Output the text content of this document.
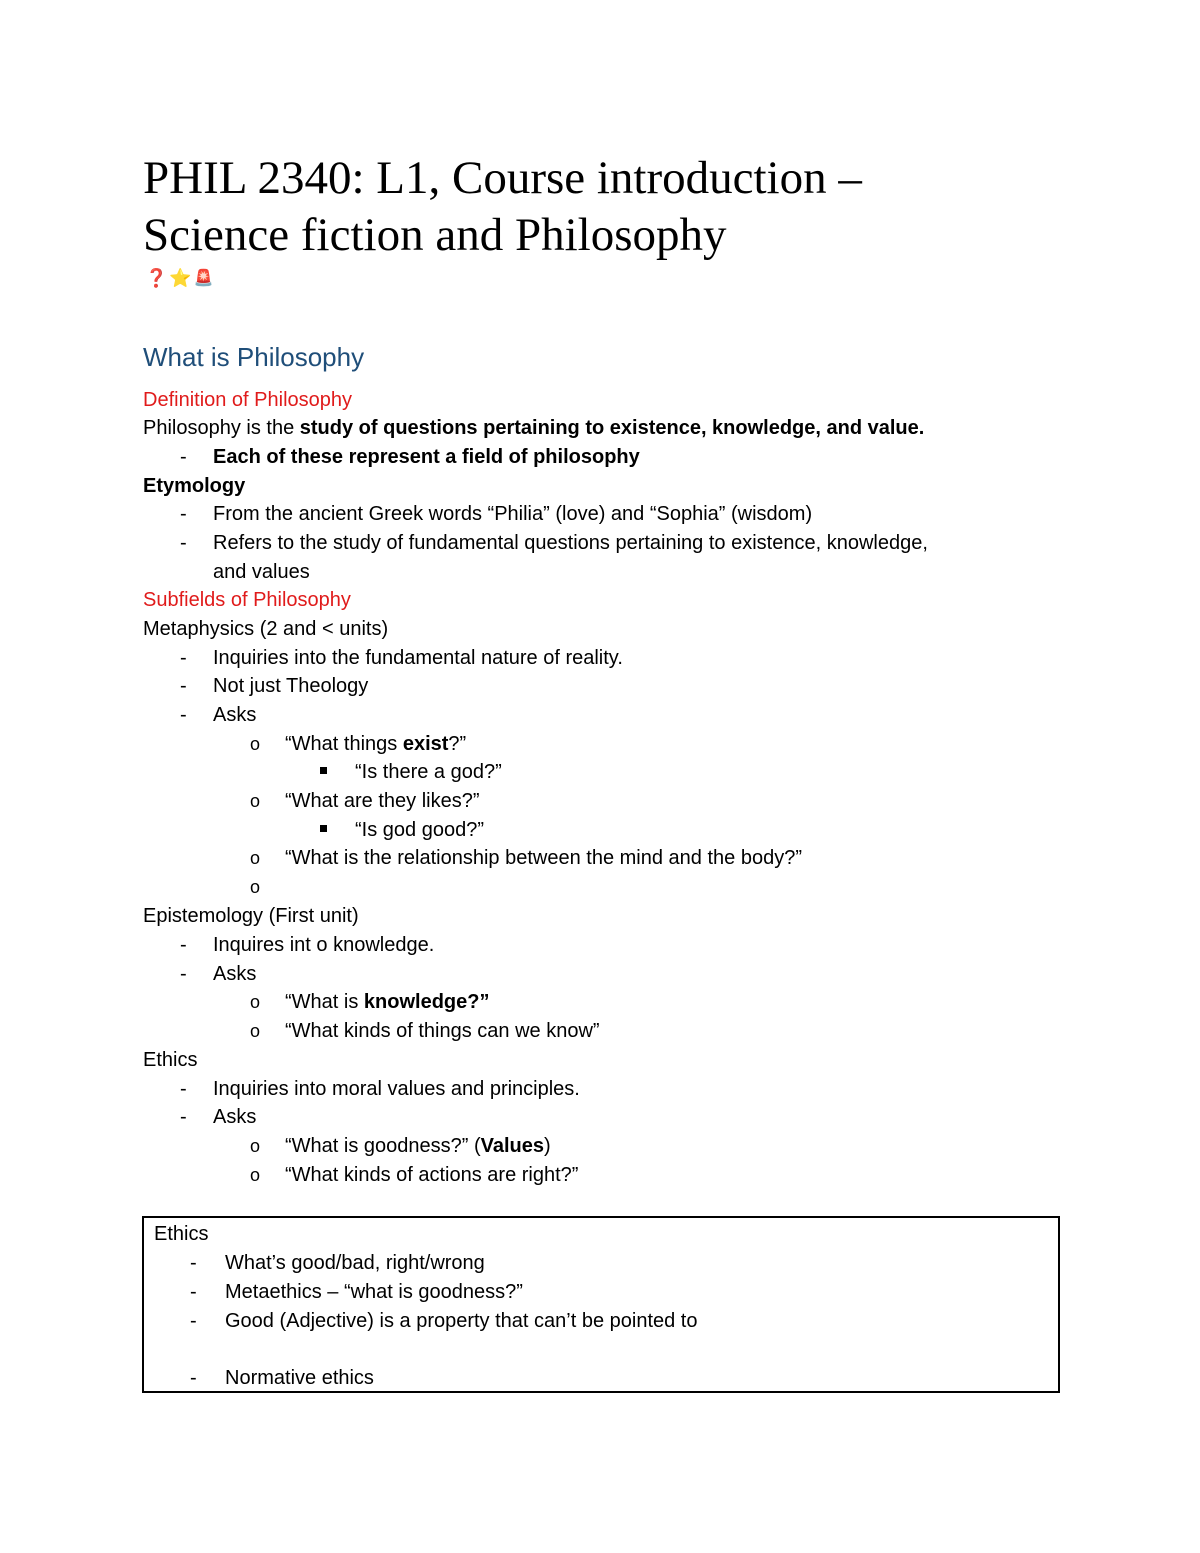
PHIL 2340: L1, Course introduction –
Science fiction and Philosophy
❓ ⭐ 🚨
What is Philosophy
Definition of Philosophy
Philosophy is the study of questions pertaining to existence, knowledge, and value.
- Each of these represent a field of philosophy
Etymology
- From the ancient Greek words “Philia” (love) and “Sophia” (wisdom)
- Refers to the study of fundamental questions pertaining to existence, knowledge,
and values
Subfields of Philosophy
Metaphysics (2 and < units)
- Inquiries into the fundamental nature of reality.
- Not just Theology
- Asks
o “What things exist?”
“Is there a god?”
o “What are they likes?”
“Is god good?”
o “What is the relationship between the mind and the body?”
o
Epistemology (First unit)
- Inquires int o knowledge.
- Asks
o “What is knowledge?”
o “What kinds of things can we know”
Ethics
- Inquiries into moral values and principles.
- Asks
o “What is goodness?” (Values)
o “What kinds of actions are right?”
Ethics
- What’s good/bad, right/wrong
- Metaethics – “what is goodness?”
- Good (Adjective) is a property that can’t be pointed to
- Normative ethics
